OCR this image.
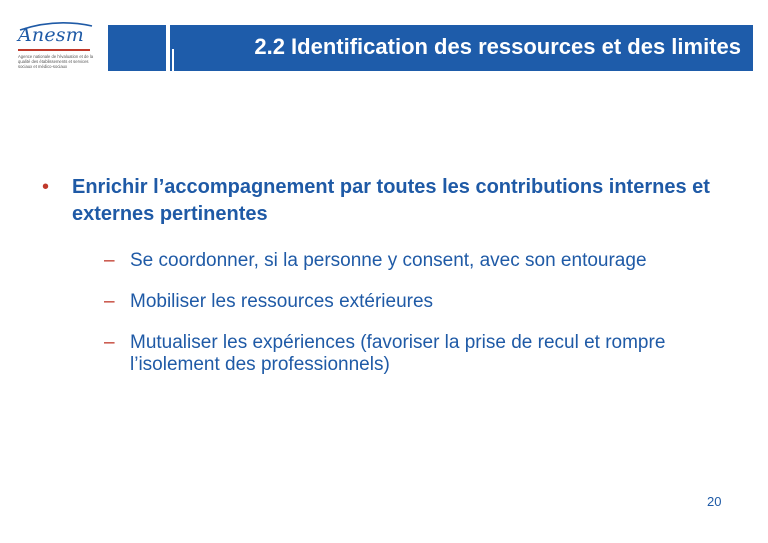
Anesm
Agence nationale de l'évaluation et de la qualité des établissements et services sociaux et médico-sociaux
2.2 Identification des ressources et des limites
• Enrichir l’accompagnement par toutes les contributions internes et externes pertinentes
– Se coordonner, si la personne y consent, avec son entourage
– Mobiliser les ressources extérieures
– Mutualiser les expériences (favoriser la prise de recul et rompre l’isolement des professionnels)
20
